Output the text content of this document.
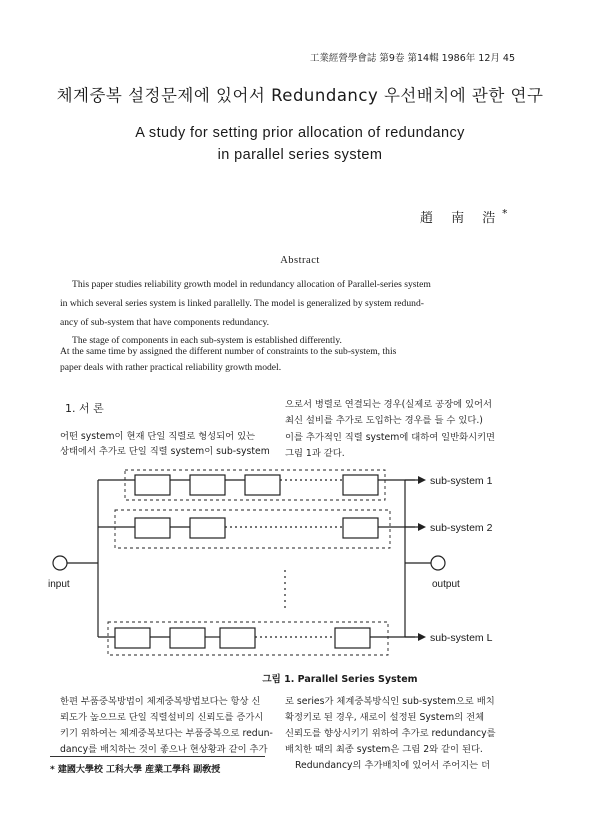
工業經營學會誌 第9卷 第14輯 1986年 12月 45
체계중복 설정문제에 있어서 Redundancy 우선배치에 관한 연구
A study for setting prior allocation of redundancy
in parallel series system
趙 南 浩*
Abstract
This paper studies reliability growth model in redundancy allocation of Parallel-series system
in which several series system is linked parallelly. The model is generalized by system redund-
ancy of sub-system that have components redundancy.
The stage of components in each sub-system is established differently.
At the same time by assigned the different number of constraints to the sub-system, this
paper deals with rather practical reliability growth model.
1. 서 론
어떤 system이 현재 단일 직렬로 형성되어 있는
상태에서 추가로 단일 직렬 system이 sub-system
으로서 병렬로 연결되는 경우(실제로 공장에 있어서
최신 설비를 추가로 도입하는 경우를 들 수 있다.)
이를 추가적인 직렬 system에 대하여 일반화시키면
그림 1과 같다.
sub-system 1
sub-system 2
sub-system L
input	output
그림 1. Parallel Series System
한편 부품중복방법이 체계중복방법보다는 항상 신
뢰도가 높으므로 단일 직렬설비의 신뢰도를 증가시
키기 위하여는 체계중복보다는 부품중복으로 redun-
dancy를 배치하는 것이 좋으나 현상황과 같이 추가
로 series가 체계중복방식인 sub-system으로 배치
확정키로 된 경우, 새로이 설정된 System의 전체
신뢰도를 향상시키기 위하여 추가로 redundancy를
배치한 때의 최종 system은 그림 2와 같이 된다.
Redundancy의 추가배치에 있어서 주어지는 더
* 建國大學校 工科大學 産業工學科 副敎授
